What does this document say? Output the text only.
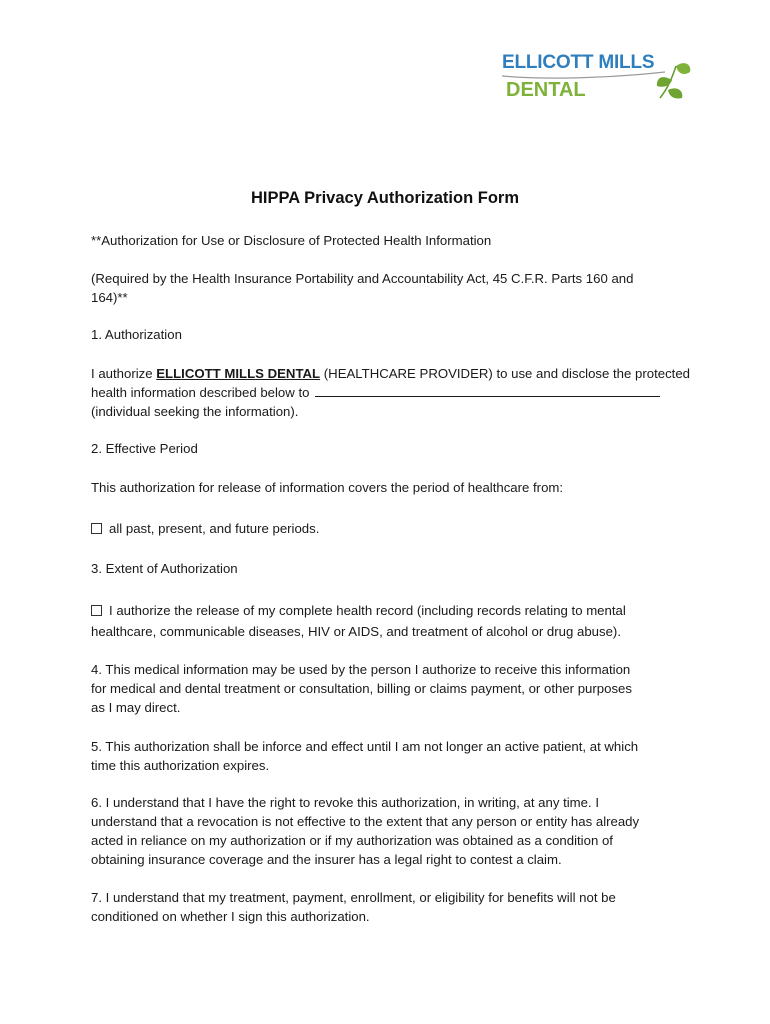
ELLICOTT MILLS
DENTAL
HIPPA Privacy Authorization Form
**Authorization for Use or Disclosure of Protected Health Information
(Required by the Health Insurance Portability and Accountability Act, 45 C.F.R. Parts 160 and
164)**
1. Authorization
I authorize ELLICOTT MILLS DENTAL (HEALTHCARE PROVIDER) to use and disclose the protected
health information described below to
(individual seeking the information).
2. Effective Period
This authorization for release of information covers the period of healthcare from:
all past, present, and future periods.
3. Extent of Authorization
I authorize the release of my complete health record (including records relating to mental
healthcare, communicable diseases, HIV or AIDS, and treatment of alcohol or drug abuse).
4. This medical information may be used by the person I authorize to receive this information
for medical and dental treatment or consultation, billing or claims payment, or other purposes
as I may direct.
5. This authorization shall be inforce and effect until I am not longer an active patient, at which
time this authorization expires.
6. I understand that I have the right to revoke this authorization, in writing, at any time. I
understand that a revocation is not effective to the extent that any person or entity has already
acted in reliance on my authorization or if my authorization was obtained as a condition of
obtaining insurance coverage and the insurer has a legal right to contest a claim.
7. I understand that my treatment, payment, enrollment, or eligibility for benefits will not be
conditioned on whether I sign this authorization.
